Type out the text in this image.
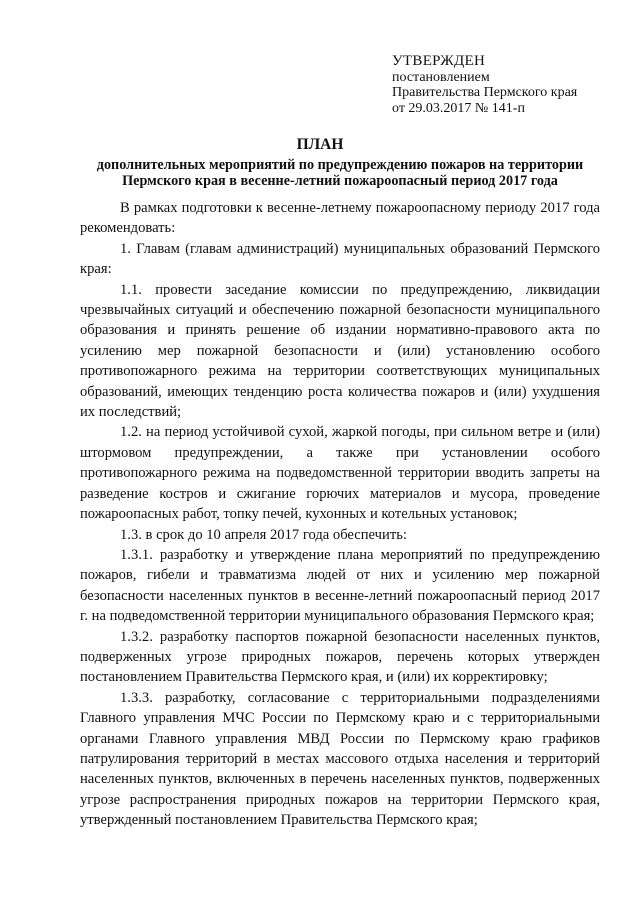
УТВЕРЖДЕН
постановлением
Правительства Пермского края
от 29.03.2017 № 141-п
ПЛАН
дополнительных мероприятий по предупреждению пожаров на территории
Пермского края в весенне-летний пожароопасный период 2017 года

В рамках подготовки к весенне-летнему пожароопасному периоду 2017 года рекомендовать:

1. Главам (главам администраций) муниципальных образований Пермского края:

1.1. провести заседание комиссии по предупреждению, ликвидации чрезвычайных ситуаций и обеспечению пожарной безопасности муниципального образования и принять решение об издании нормативно-правового акта по усилению мер пожарной безопасности и (или) установлению особого противопожарного режима на территории соответствующих муниципальных образований, имеющих тенденцию роста количества пожаров и (или) ухудшения их последствий;

1.2. на период устойчивой сухой, жаркой погоды, при сильном ветре и (или) штормовом предупреждении, а также при установлении особого противопожарного режима на подведомственной территории вводить запреты на разведение костров и сжигание горючих материалов и мусора, проведение пожароопасных работ, топку печей, кухонных и котельных установок;

1.3. в срок до 10 апреля 2017 года обеспечить:

1.3.1. разработку и утверждение плана мероприятий по предупреждению пожаров, гибели и травматизма людей от них и усилению мер пожарной безопасности населенных пунктов в весенне-летний пожароопасный период 2017 г. на подведомственной территории муниципального образования Пермского края;

1.3.2. разработку паспортов пожарной безопасности населенных пунктов, подверженных угрозе природных пожаров, перечень которых утвержден постановлением Правительства Пермского края, и (или) их корректировку;

1.3.3. разработку, согласование с территориальными подразделениями Главного управления МЧС России по Пермскому краю и с территориальными органами Главного управления МВД России по Пермскому краю графиков патрулирования территорий в местах массового отдыха населения и территорий населенных пунктов, включенных в перечень населенных пунктов, подверженных угрозе распространения природных пожаров на территории Пермского края, утвержденный постановлением Правительства Пермского края;
